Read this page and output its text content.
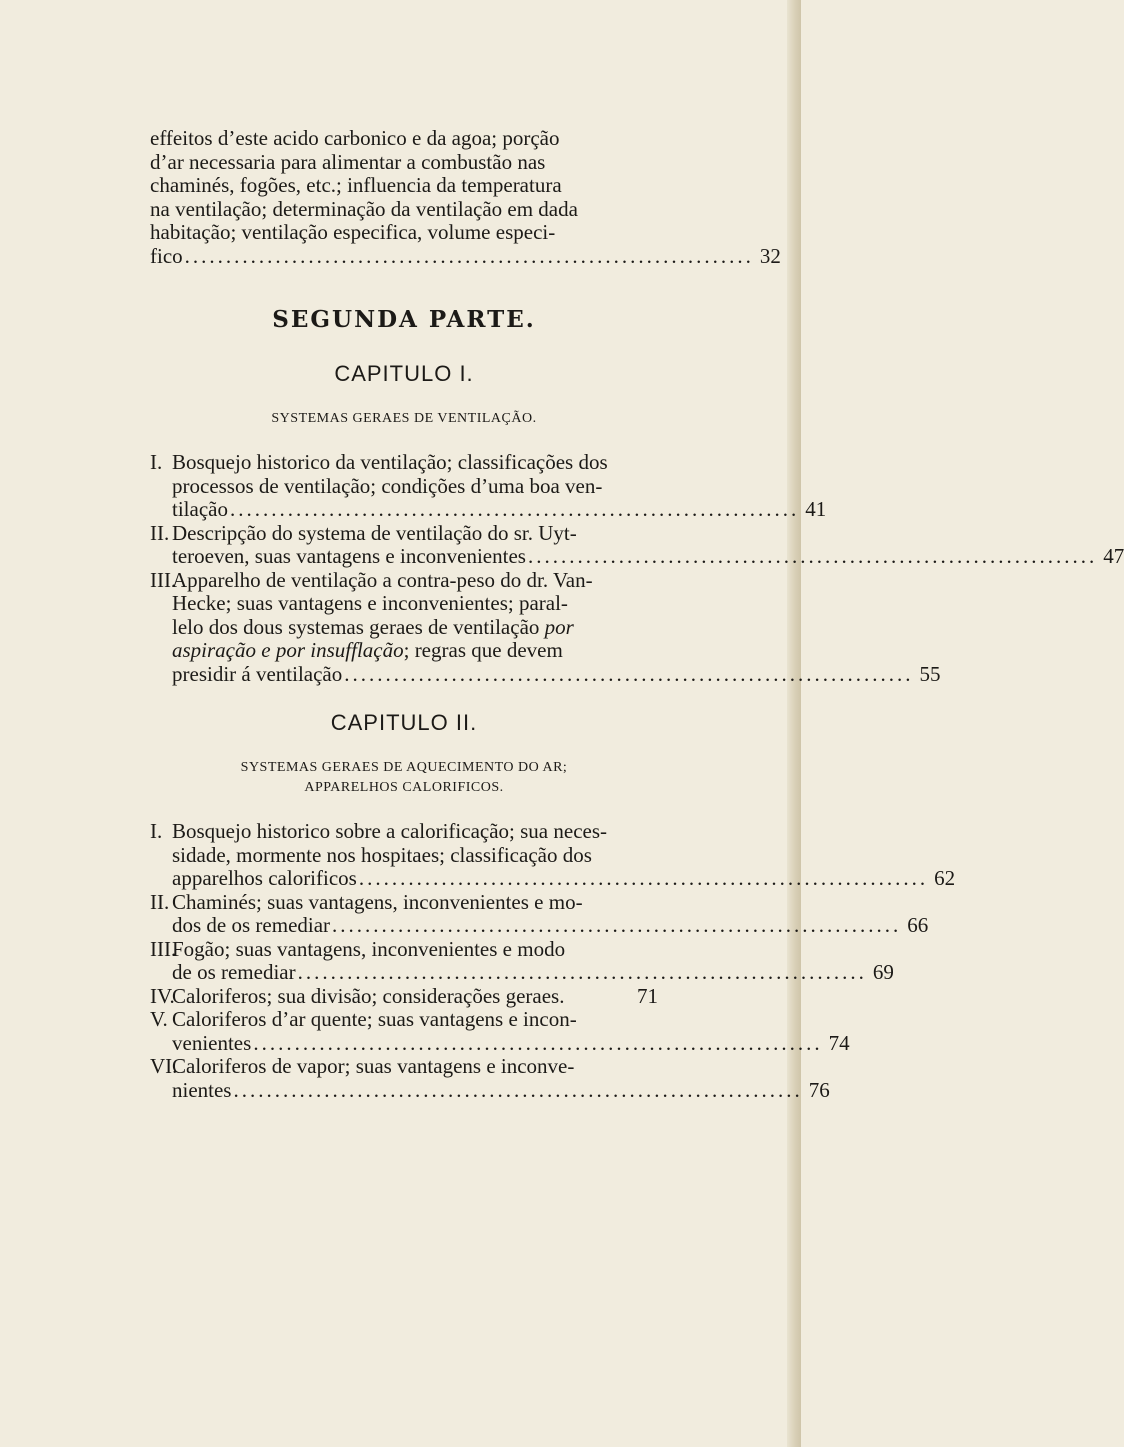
effeitos d’este acido carbonico e da agoa; porção
d’ar necessaria para alimentar a combustão nas
chaminés, fogões, etc.; influencia da temperatura
na ventilação; determinação da ventilação em dada
habitação; ventilação especifica, volume especi-
fico ..................................................................... 32
SEGUNDA PARTE.
CAPITULO I.
SYSTEMAS GERAES DE VENTILAÇÃO.
I. Bosquejo historico da ventilação; classificações dos
processos de ventilação; condições d’uma boa ven-
tilação ..................................................................... 41
II. Descripção do systema de ventilação do sr. Uyt-
teroeven, suas vantagens e inconvenientes ..................................................................... 47
III.
Apparelho de ventilação a contra-peso do dr. Van-
Hecke; suas vantagens e inconvenientes; paral-
lelo dos dous systemas geraes de ventilação
por
aspiração
e
por
insufflação ; regras que devem
presidir á ventilação ..................................................................... 55
CAPITULO II.
SYSTEMAS GERAES DE AQUECIMENTO DO AR;
APPARELHOS CALORIFICOS.
I. Bosquejo historico sobre a calorificação; sua neces-
sidade, mormente nos hospitaes; classificação dos
apparelhos calorificos ..................................................................... 62
II. Chaminés; suas vantagens, inconvenientes e mo-
dos de os remediar ..................................................................... 66
III.
Fogão; suas vantagens, inconvenientes e modo
de os remediar ..................................................................... 69
IV.
Caloriferos; sua divisão; considerações geraes.	71
V. Caloriferos d’ar quente; suas vantagens e incon-
venientes ..................................................................... 74
VI.
Caloriferos de vapor; suas vantagens e inconve-
nientes ..................................................................... 76
